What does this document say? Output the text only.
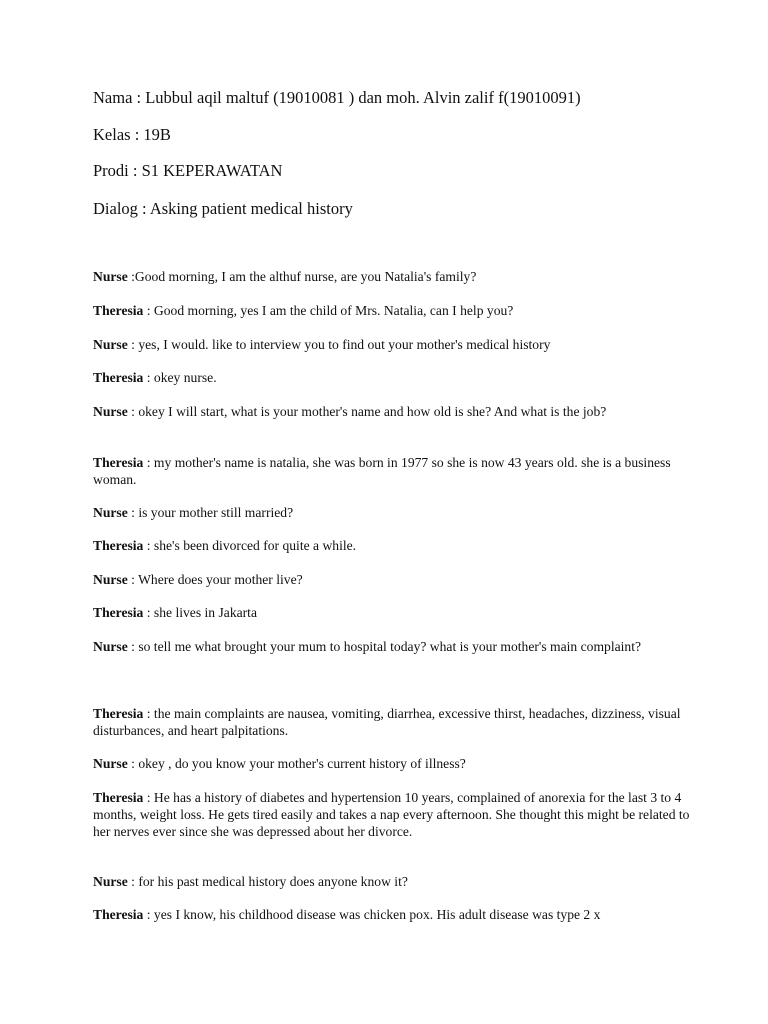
Nama : Lubbul aqil maltuf (19010081 ) dan moh. Alvin zalif f(19010091)
Kelas : 19B
Prodi : S1 KEPERAWATAN
Dialog : Asking patient medical history
Nurse :Good morning, I am the althuf nurse, are you Natalia's family?
Theresia : Good morning, yes I am the child of Mrs. Natalia, can I help you?
Nurse : yes, I would. like to interview you to find out your mother's medical history
Theresia : okey nurse.
Nurse : okey I will start, what is your mother's name and how old is she? And what is the job?
Theresia : my mother's name is natalia, she was born in 1977 so she is now 43 years old. she is a business woman.
Nurse : is your mother still married?
Theresia : she's been divorced for quite a while.
Nurse : Where does your mother live?
Theresia : she lives in Jakarta
Nurse : so tell me what brought your mum to hospital today? what is your mother's main complaint?
Theresia : the main complaints are nausea, vomiting, diarrhea, excessive thirst, headaches, dizziness, visual disturbances, and heart palpitations.
Nurse : okey , do you know your mother's current history of illness?
Theresia : He has a history of diabetes and hypertension 10 years, complained of anorexia for the last 3 to 4 months, weight loss. He gets tired easily and takes a nap every afternoon. She thought this might be related to her nerves ever since she was depressed about her divorce.
Nurse : for his past medical history does anyone know it?
Theresia : yes I know, his childhood disease was chicken pox. His adult disease was type 2 x
